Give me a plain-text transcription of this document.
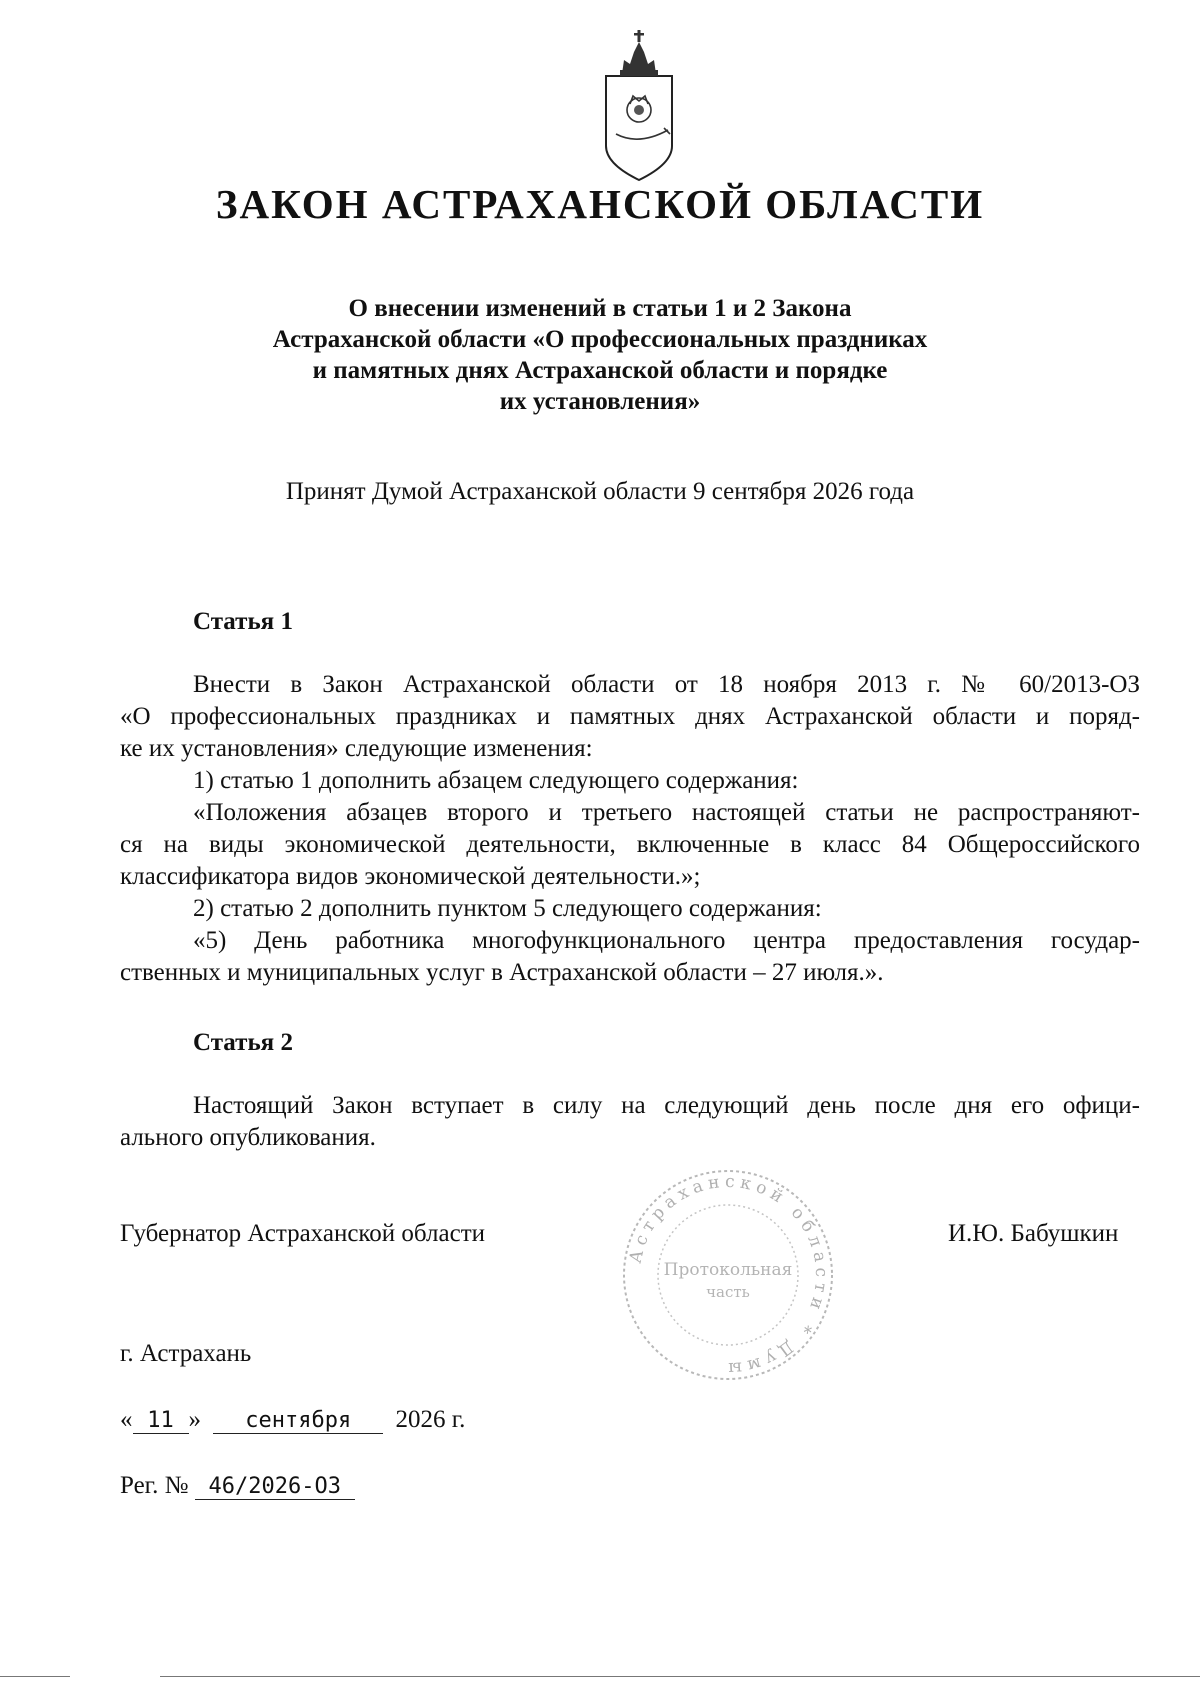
ЗАКОН АСТРАХАНСКОЙ ОБЛАСТИ
О внесении изменений в статьи 1 и 2 Закона
Астраханской области «О профессиональных праздниках
и памятных днях Астраханской области и порядке
их установления»
Принят Думой Астраханской области 9 сентября 2026 года
Статья 1
Внести в Закон Астраханской области от 18 ноября 2013 г. № 60/2013-ОЗ
«О профессиональных праздниках и памятных днях Астраханской области и поряд-
ке их установления» следующие изменения:
1) статью 1 дополнить абзацем следующего содержания:
«Положения абзацев второго и третьего настоящей статьи не распространяют-
ся на виды экономической деятельности, включенные в класс 84 Общероссийского
классификатора видов экономической деятельности.»;
2) статью 2 дополнить пунктом 5 следующего содержания:
«5) День работника многофункционального центра предоставления государ-
ственных и муниципальных услуг в Астраханской области – 27 июля.».
Статья 2
Настоящий Закон вступает в силу на следующий день после дня его офици-
ального опубликования.
Губернатор Астраханской области
Астраханской области * Думы
Протокольная
часть
И.Ю. Бабушкин
г. Астрахань
« 11 » сентября 2026 г.
Рег. № 46/2026-ОЗ
